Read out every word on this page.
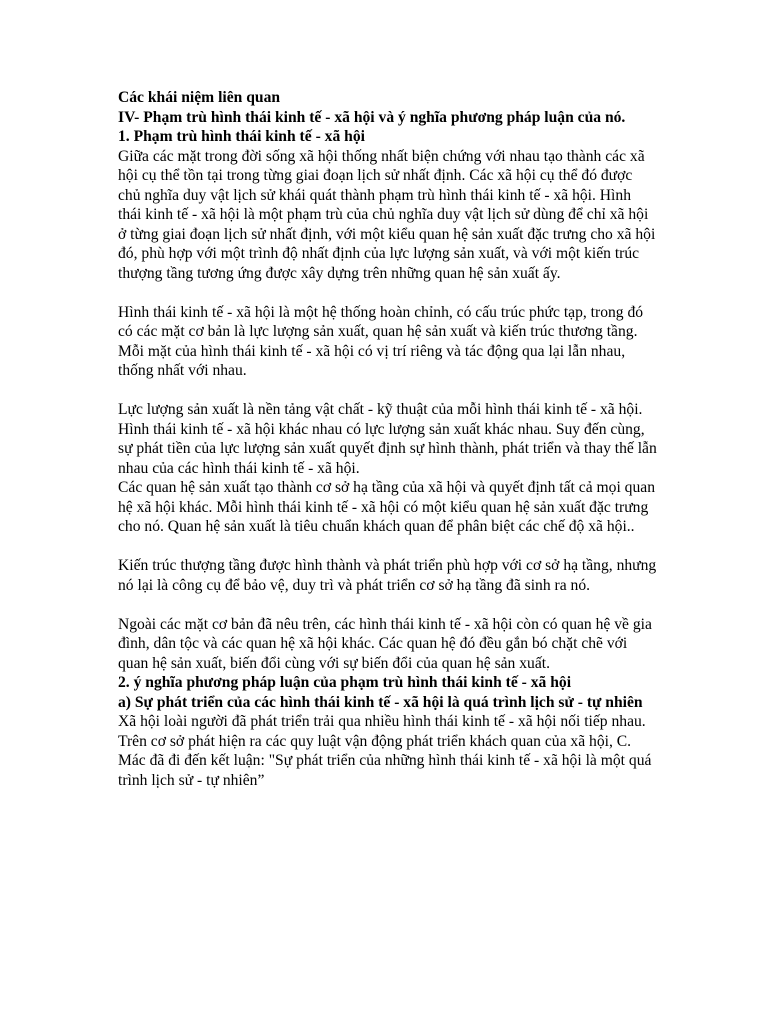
Các khái niệm liên quan

IV- Phạm trù hình thái kinh tế - xã hội và ý nghĩa phương pháp luận của nó.

1. Phạm trù hình thái kinh tế - xã hội

Giữa các mặt trong đời sống xã hội thống nhất biện chứng với nhau tạo thành các xã hội cụ thể tồn tại trong từng giai đoạn lịch sử nhất định. Các xã hội cụ thể đó được chủ nghĩa duy vật lịch sử khái quát thành phạm trù hình thái kinh tế - xã hội. Hình thái kinh tế - xã hội là một phạm trù của chủ nghĩa duy vật lịch sử dùng để chỉ xã hội ở từng giai đoạn lịch sử nhất định, với một kiểu quan hệ sản xuất đặc trưng cho xã hội đó, phù hợp với một trình độ nhất định của lực lượng sản xuất, và với một kiến trúc thượng tầng tương ứng được xây dựng trên những quan hệ sản xuất ấy.

Hình thái kinh tế - xã hội là một hệ thống hoàn chỉnh, có cấu trúc phức tạp, trong đó có các mặt cơ bản là lực lượng sản xuất, quan hệ sản xuất và kiến trúc thương tầng. Mỗi mặt của hình thái kinh tế - xã hội có vị trí riêng và tác động qua lại lẫn nhau, thống nhất với nhau.

Lực lượng sản xuất là nền tảng vật chất - kỹ thuật của mỗi hình thái kinh tế - xã hội. Hình thái kinh tế - xã hội khác nhau có lực lượng sản xuất khác nhau. Suy đến cùng, sự phát tiền của lực lượng sản xuất quyết định sự hình thành, phát triển và thay thế lẫn nhau của các hình thái kinh tế - xã hội.

Các quan hệ sản xuất tạo thành cơ sở hạ tầng của xã hội và quyết định tất cả mọi quan hệ xã hội khác. Mỗi hình thái kinh tế - xã hội có một kiểu quan hệ sản xuất đặc trưng cho nó. Quan hệ sản xuất là tiêu chuẩn khách quan để phân biệt các chế độ xã hội..

Kiến trúc thượng tầng được hình thành và phát triển phù hợp với cơ sở hạ tầng, nhưng nó lại là công cụ để bảo vệ, duy trì và phát triển cơ sở hạ tầng đã sinh ra nó.

Ngoài các mặt cơ bản đã nêu trên, các hình thái kinh tế - xã hội còn có quan hệ về gia đình, dân tộc và các quan hệ xã hội khác. Các quan hệ đó đều gắn bó chặt chẽ với quan hệ sản xuất, biến đổi cùng với sự biến đổi của quan hệ sản xuất.

2. ý nghĩa phương pháp luận của phạm trù hình thái kinh tế - xã hội

a) Sự phát triển của các hình thái kinh tế - xã hội là quá trình lịch sử - tự nhiên

Xã hội loài người đã phát triển trải qua nhiều hình thái kinh tế - xã hội nối tiếp nhau. Trên cơ sở phát hiện ra các quy luật vận động phát triển khách quan của xã hội, C. Mác đã đi đến kết luận: "Sự phát triển của những hình thái kinh tế - xã hội là một quá trình lịch sử - tự nhiên”
